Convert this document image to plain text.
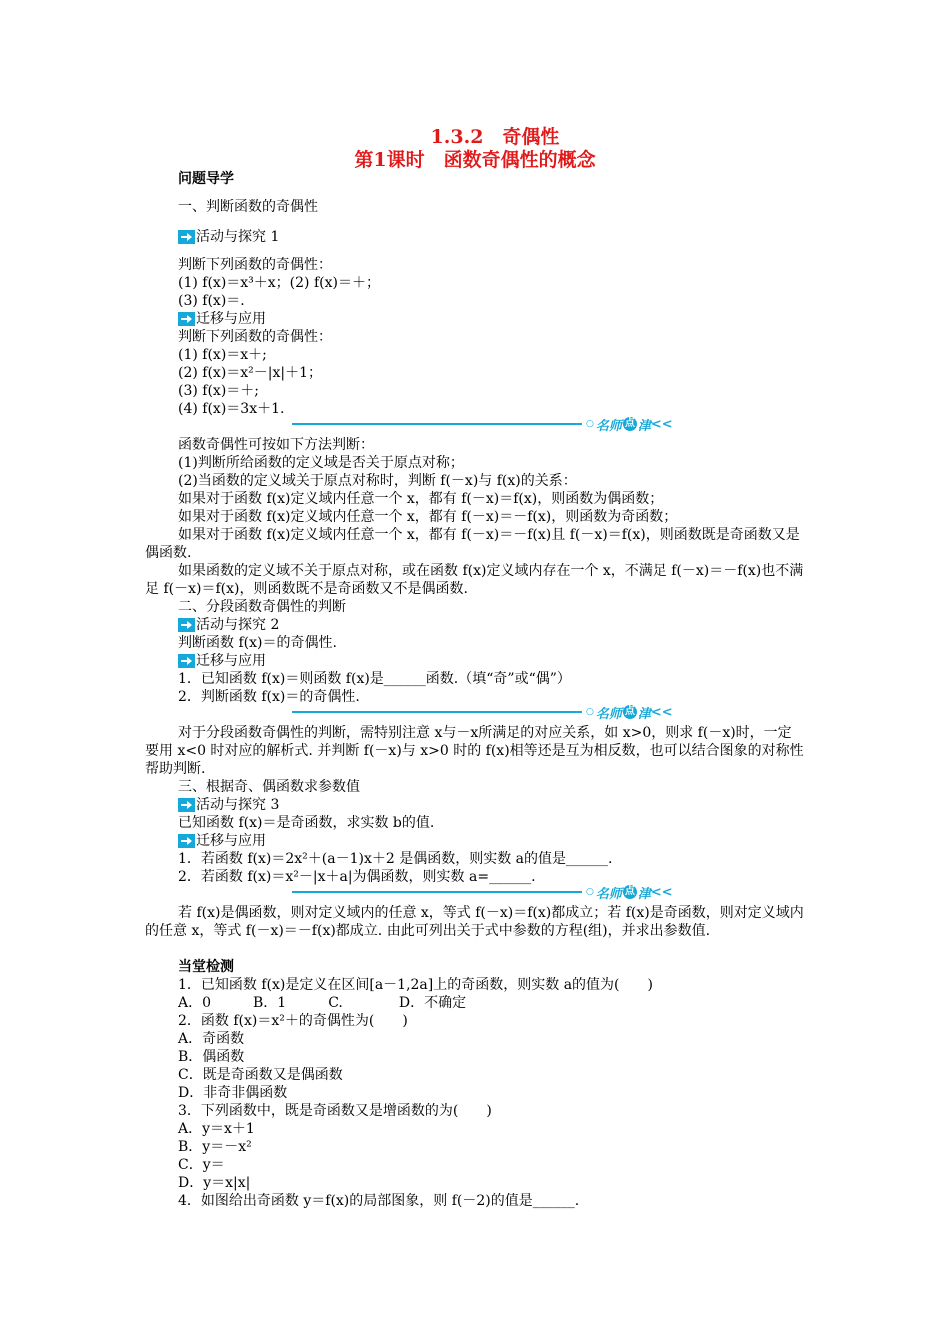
1.3.2　奇偶性
第1课时　函数奇偶性的概念
问题导学
一、判断函数的奇偶性
活动与探究 1
判断下列函数的奇偶性：
(1) f(x)＝x³＋x；(2) f(x)＝＋；
(3) f(x)＝.
迁移与应用
判断下列函数的奇偶性：
(1) f(x)＝x＋;
(2) f(x)＝x²－|x|＋1；
(3) f(x)＝＋;
(4) f(x)＝3x＋1.
○ 名师 点 津 <<
函数奇偶性可按如下方法判断：
(1)判断所给函数的定义域是否关于原点对称；
(2)当函数的定义域关于原点对称时，判断 f(－x)与 f(x)的关系：
如果对于函数 f(x)定义域内任意一个 x，都有 f(－x)＝f(x)，则函数为偶函数；
如果对于函数 f(x)定义域内任意一个 x，都有 f(－x)＝－f(x)，则函数为奇函数；
如果对于函数 f(x)定义域内任意一个 x，都有 f(－x)＝－f(x)且 f(－x)＝f(x)，则函数既是奇函数又是偶函数.
如果函数的定义域不关于原点对称，或在函数 f(x)定义域内存在一个 x，不满足 f(－x)＝－f(x)也不满足 f(－x)＝f(x)，则函数既不是奇函数又不是偶函数.
二、分段函数奇偶性的判断
活动与探究 2
判断函数 f(x)＝的奇偶性.
迁移与应用
1．已知函数 f(x)＝则函数 f(x)是______函数.（填“奇”或“偶”）
2．判断函数 f(x)＝的奇偶性.
○ 名师 点 津 <<
对于分段函数奇偶性的判断，需特别注意 x与－x所满足的对应关系，如 x>0，则求 f(－x)时，一定要用 x<0 时对应的解析式. 并判断 f(－x)与 x>0 时的 f(x)相等还是互为相反数，也可以结合图象的对称性帮助判断.
三、根据奇、偶函数求参数值
活动与探究 3
已知函数 f(x)＝是奇函数，求实数 b的值.
迁移与应用
1．若函数 f(x)＝2x²＋(a－1)x＋2 是偶函数，则实数 a的值是______.
2．若函数 f(x)＝x²－|x＋a|为偶函数，则实数 a=______.
○ 名师 点 津 <<
若 f(x)是偶函数，则对定义域内的任意 x，等式 f(－x)＝f(x)都成立；若 f(x)是奇函数，则对定义域内的任意 x，等式 f(－x)＝－f(x)都成立. 由此可列出关于式中参数的方程(组)，并求出参数值.
当堂检测
1．已知函数 f(x)是定义在区间[a－1,2a]上的奇函数，则实数 a的值为(　　)
A．0　　　B．1　　　C.　　　　D．不确定
2．函数 f(x)＝x²＋的奇偶性为(　　)
A．奇函数
B．偶函数
C．既是奇函数又是偶函数
D．非奇非偶函数
3．下列函数中，既是奇函数又是增函数的为(　　)
A．y＝x＋1
B．y＝－x²
C．y＝
D．y＝x|x|
4．如图给出奇函数 y＝f(x)的局部图象，则 f(－2)的值是______.
